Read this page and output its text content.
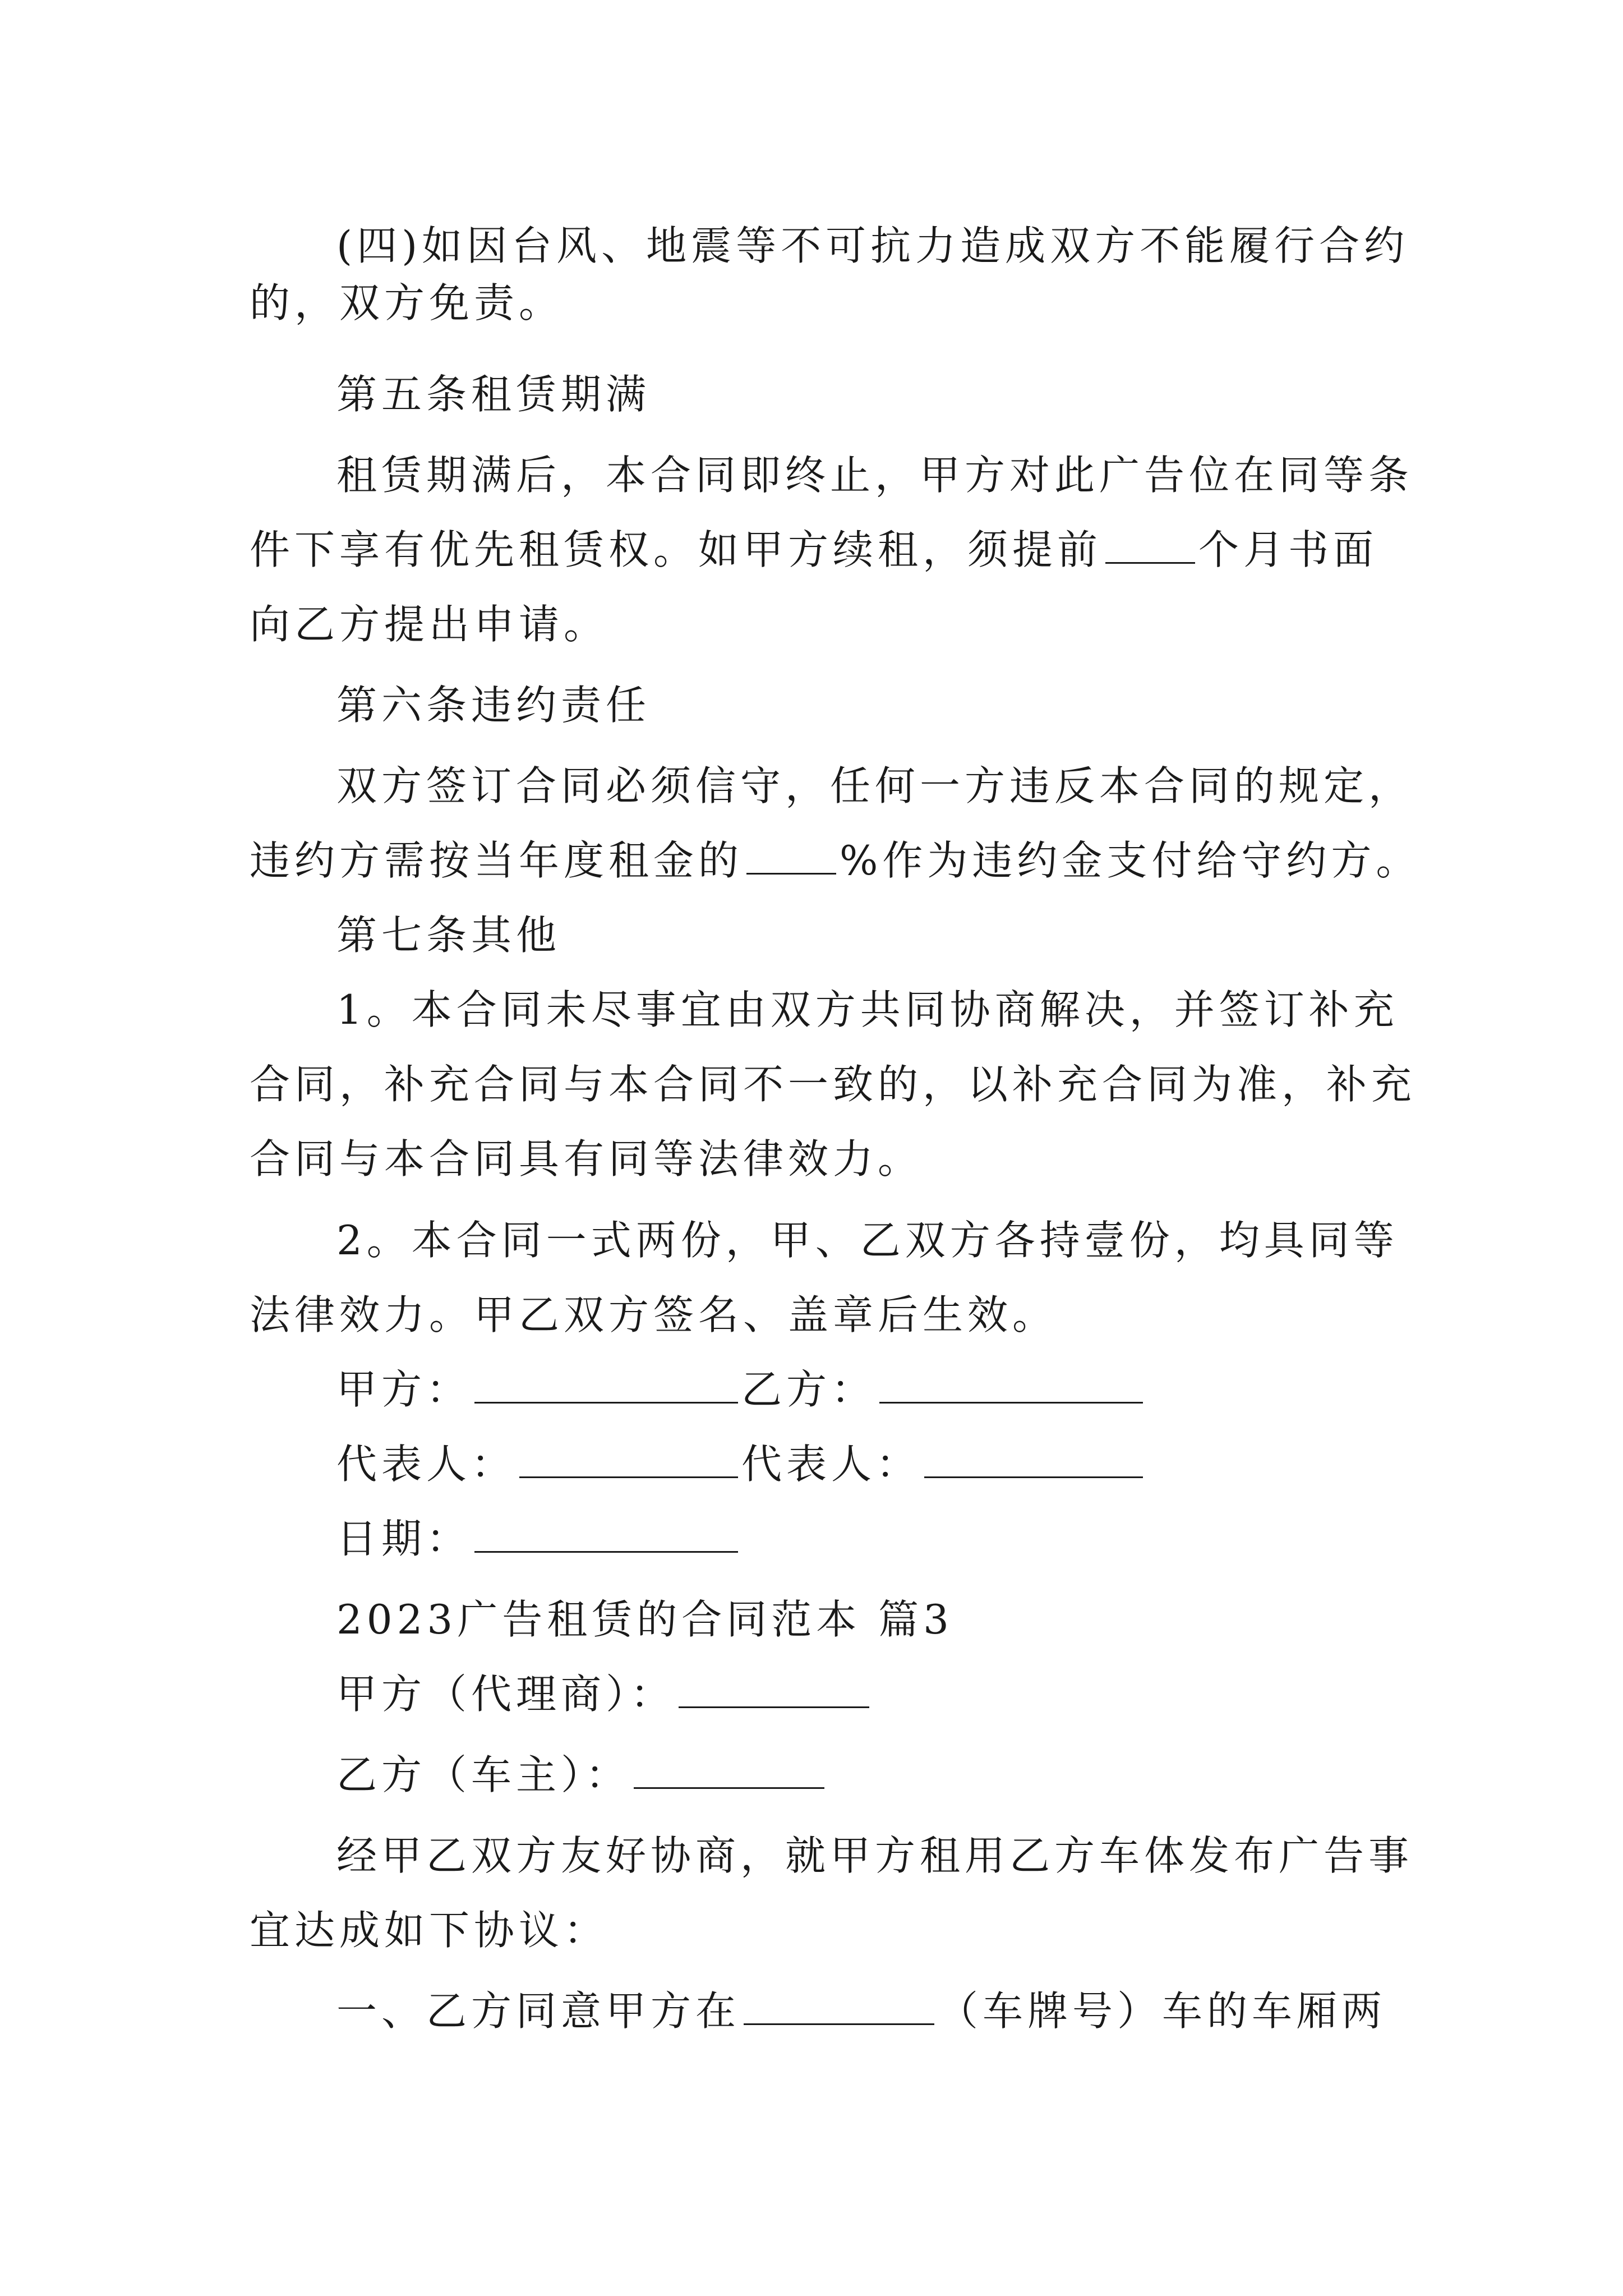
(四)如因台风、地震等不可抗力造成双方不能履行合约
的，双方免责。
第五条租赁期满
租赁期满后，本合同即终止，甲方对此广告位在同等条
件下享有优先租赁权。如甲方续租，须提前 个月书面
向乙方提出申请。
第六条违约责任
双方签订合同必须信守，任何一方违反本合同的规定，
违约方需按当年度租金的 %作为违约金支付给守约方。
第七条其他
1。本合同未尽事宜由双方共同协商解决，并签订补充
合同，补充合同与本合同不一致的，以补充合同为准，补充
合同与本合同具有同等法律效力。
2。本合同一式两份，甲、乙双方各持壹份，均具同等
法律效力。甲乙双方签名、盖章后生效。
甲方：	乙方：
代表人：	代表人：
日期：
2023广告租赁的合同范本 篇3
甲方（代理商）：
乙方（车主）：
经甲乙双方友好协商，就甲方租用乙方车体发布广告事
宜达成如下协议：
一、乙方同意甲方在	（车牌号）车的车厢两
